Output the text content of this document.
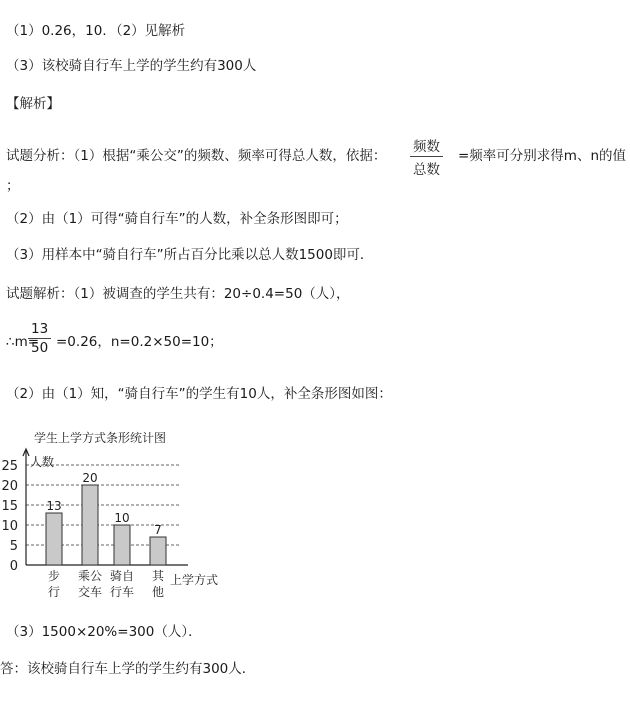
（1）0.26，10．（2）见解析
（3）该校骑自行车上学的学生约有300人
【解析】
试题分析：（1）根据“乘公交”的频数、频率可得总人数，依据：
频数
总数
=频率可分别求得m、n的值
；
（2）由（1）可得“骑自行车”的人数，补全条形图即可；
（3）用样本中“骑自行车”所占百分比乘以总人数1500即可．
试题解析：（1）被调查的学生共有：20÷0.4=50（人），
∴m=
13
50 =0.26，n=0.2×50=10；
（2）由（1）知，“骑自行车”的学生有10人，补全条形图如图：
学生上学方式条形统计图
0
5
10
15
20
25 人数
上学方式
13
步
行
20
乘公
交车
10
骑自
行车
7
其
他
（3）1500×20%=300（人）．
答：该校骑自行车上学的学生约有300人．
